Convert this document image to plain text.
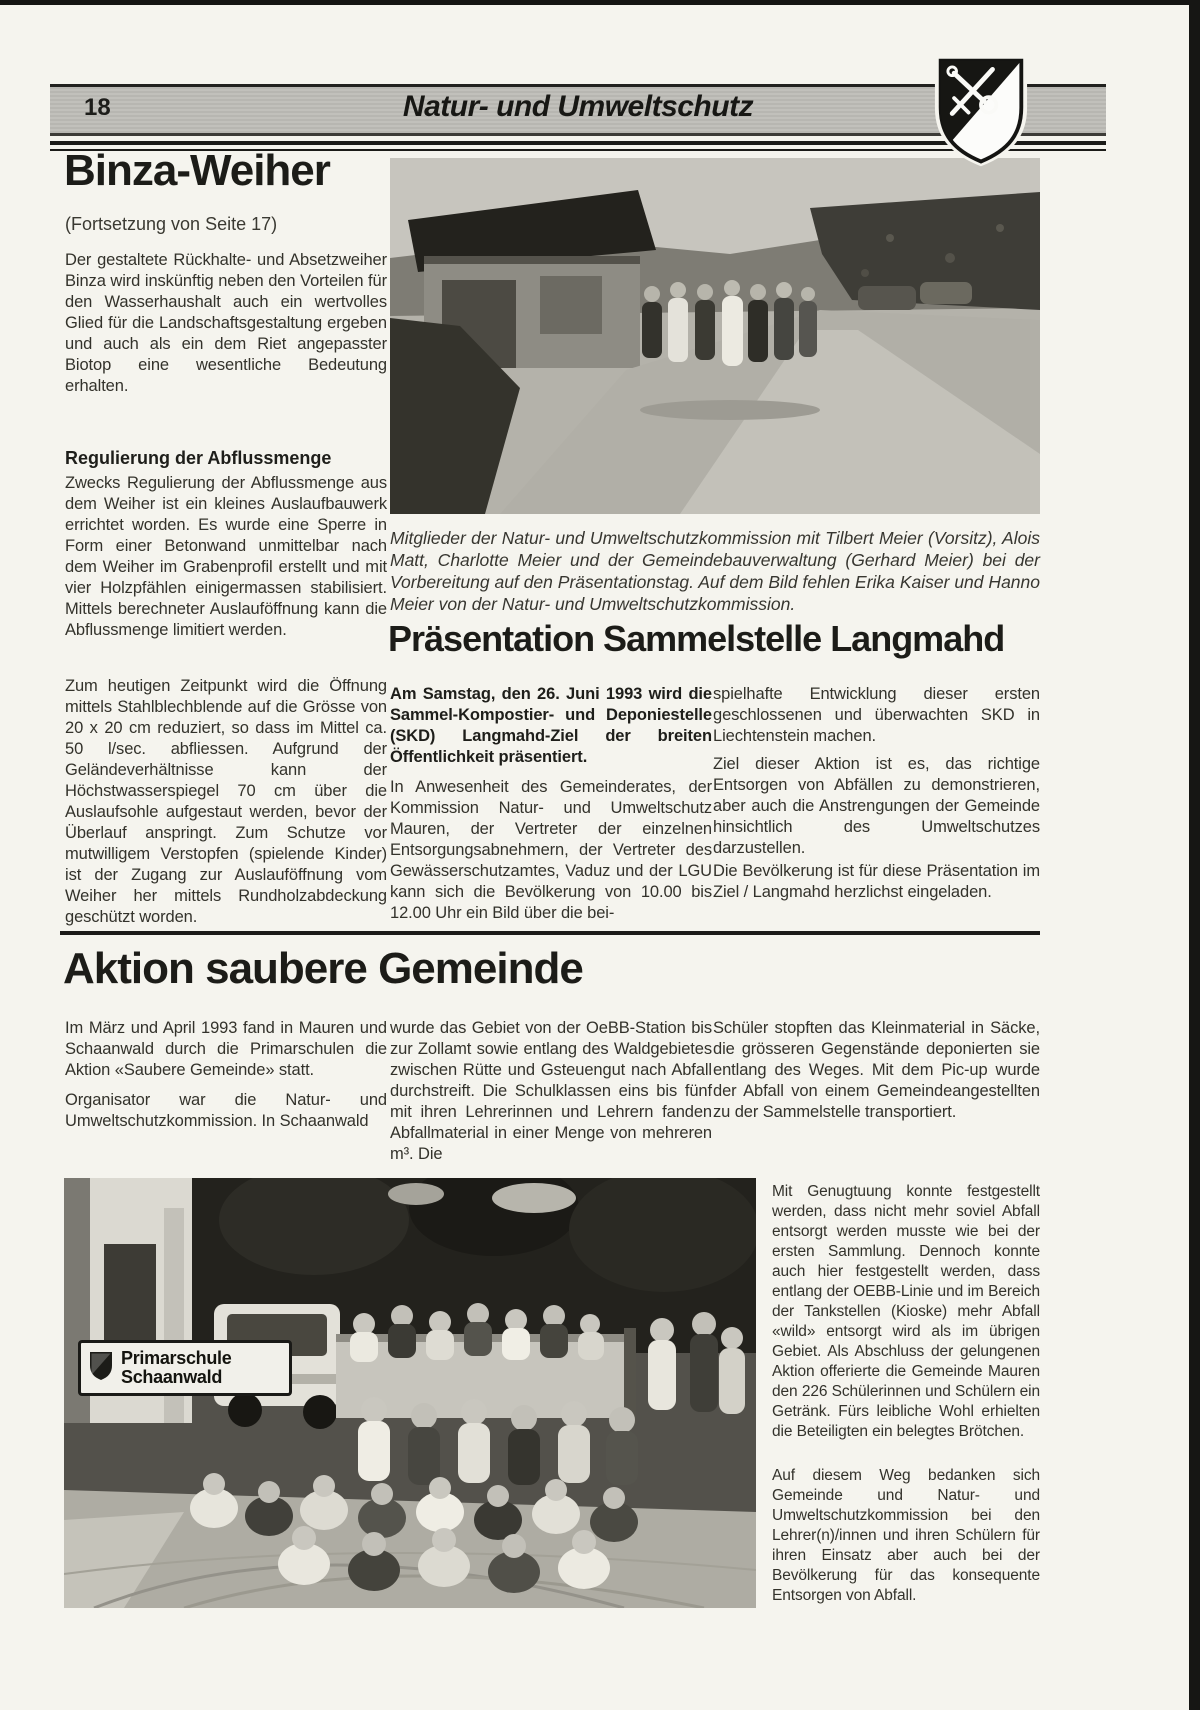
18	Natur- und Umweltschutz
Binza-Weiher
(Fortsetzung von Seite 17)
Der gestaltete Rückhalte- und Absetzweiher Binza wird inskünftig neben den Vorteilen für den Wasserhaushalt auch ein wertvolles Glied für die Landschaftsgestaltung ergeben und auch als ein dem Riet angepasster Biotop eine wesentliche Bedeutung erhalten.
Regulierung der Abflussmenge
Zwecks Regulierung der Abflussmenge aus dem Weiher ist ein kleines Auslaufbauwerk errichtet worden. Es wurde eine Sperre in Form einer Betonwand unmittelbar nach dem Weiher im Grabenprofil erstellt und mit vier Holzpfählen einigermassen stabilisiert. Mittels berechneter Auslauföffnung kann die Abflussmenge limitiert werden.
Zum heutigen Zeitpunkt wird die Öffnung mittels Stahlblechblende auf die Grösse von 20 x 20 cm reduziert, so dass im Mittel ca. 50 l/sec. abfliessen. Aufgrund der Geländeverhältnisse kann der Höchstwasserspiegel 70 cm über die Auslaufsohle aufgestaut werden, bevor der Überlauf anspringt. Zum Schutze vor mutwilligem Verstopfen (spielende Kinder) ist der Zugang zur Auslauföffnung vom Weiher her mittels Rundholzabdeckung geschützt worden.
Mitglieder der Natur- und Umweltschutzkommission mit Tilbert Meier (Vorsitz), Alois Matt, Charlotte Meier und der Gemeindebauverwaltung (Gerhard Meier) bei der Vorbereitung auf den Präsentationstag. Auf dem Bild fehlen Erika Kaiser und Hanno Meier von der Natur- und Umweltschutzkommission.
Präsentation Sammelstelle Langmahd

Am Samstag, den 26. Juni 1993 wird die Sammel-Kompostier- und Deponiestelle (SKD) Langmahd-Ziel der breiten Öffentlichkeit präsentiert.

In Anwesenheit des Gemeinderates, der Kommission Natur- und Umweltschutz Mauren, der Vertreter der einzelnen Entsorgungsabnehmern, der Vertreter des Gewässerschutzamtes, Vaduz und der LGU kann sich die Bevölkerung von 10.00 bis 12.00 Uhr ein Bild über die bei-

spielhafte Entwicklung dieser ersten geschlossenen und überwachten SKD in Liechtenstein machen.

Ziel dieser Aktion ist es, das richtige Entsorgen von Abfällen zu demonstrieren, aber auch die Anstrengungen der Gemeinde hinsichtlich des Umweltschutzes darzustellen.

Die Bevölkerung ist für diese Präsentation im Ziel / Langmahd herzlichst eingeladen.

Aktion saubere Gemeinde

Im März und April 1993 fand in Mauren und Schaanwald durch die Primarschulen die Aktion «Saubere Gemeinde» statt.

Organisator war die Natur- und Umweltschutzkommission. In Schaanwald

wurde das Gebiet von der OeBB-Station bis zur Zollamt sowie entlang des Waldgebietes zwischen Rütte und Gsteuengut nach Abfall durchstreift. Die Schulklassen eins bis fünf mit ihren Lehrerinnen und Lehrern fanden Abfallmaterial in einer Menge von mehreren m³. Die

Schüler stopften das Kleinmaterial in Säcke, die grösseren Gegenstände deponierten sie entlang des Weges. Mit dem Pic-up wurde der Abfall von einem Gemeindeangestellten zu der Sammelstelle transportiert.

Mit Genugtuung konnte festgestellt werden, dass nicht mehr soviel Abfall entsorgt werden musste wie bei der ersten Sammlung. Dennoch konnte auch hier festgestellt werden, dass entlang der OEBB-Linie und im Bereich der Tankstellen (Kioske) mehr Abfall «wild» entsorgt wird als im übrigen Gebiet. Als Abschluss der gelungenen Aktion offerierte die Gemeinde Mauren den 226 Schülerinnen und Schülern ein Getränk. Fürs leibliche Wohl erhielten die Beteiligten ein belegtes Brötchen.

Auf diesem Weg bedanken sich Gemeinde und Natur- und Umweltschutzkommission bei den Lehrer(n)/innen und ihren Schülern für ihren Einsatz aber auch bei der Bevölkerung für das konsequente Entsorgen von Abfall.

Primarschule
Schaanwald
